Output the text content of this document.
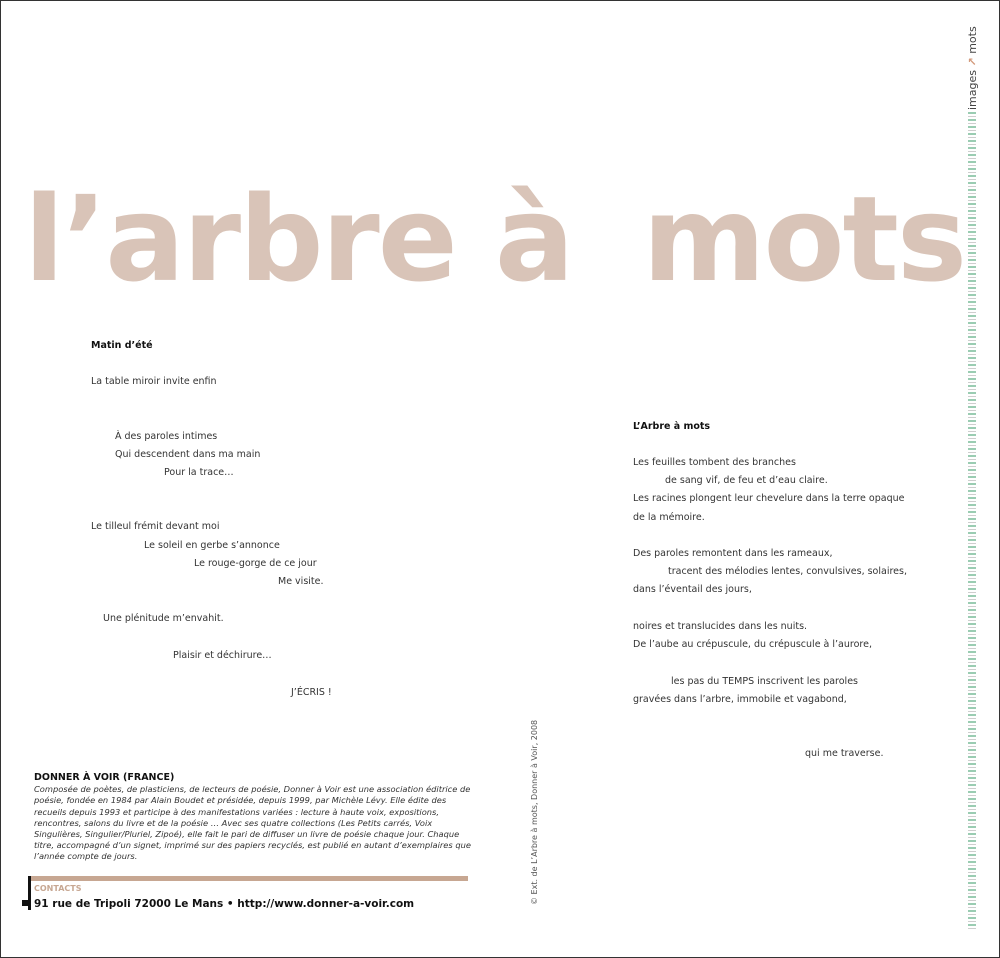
l’arbre à mots
Matin d’été
La table miroir invite enfin
À des paroles intimes
Qui descendent dans ma main
Pour la trace…
Le tilleul frémit devant moi
Le soleil en gerbe s’annonce
Le rouge-gorge de ce jour
Me visite.
Une plénitude m’envahit.
Plaisir et déchirure…
J’ÉCRIS !
L’Arbre à mots
Les feuilles tombent des branches
de sang vif, de feu et d’eau claire.
Les racines plongent leur chevelure dans la terre opaque
de la mémoire.
Des paroles remontent dans les rameaux,
tracent des mélodies lentes, convulsives, solaires,
dans l’éventail des jours,
noires et translucides dans les nuits.
De l’aube au crépuscule, du crépuscule à l’aurore,
les pas du TEMPS inscrivent les paroles
gravées dans l’arbre, immobile et vagabond,
qui me traverse.
© Ext. de L’Arbre à mots, Donner à Voir, 2008
images ↗ mots
DONNER À VOIR (FRANCE)
Composée de poètes, de plasticiens, de lecteurs de poésie, Donner à Voir est une association éditrice de poésie, fondée en 1984 par Alain Boudet et présidée, depuis 1999, par Michèle Lévy. Elle édite des recueils depuis 1993 et participe à des manifestations variées : lecture à haute voix, expositions, rencontres, salons du livre et de la poésie … Avec ses quatre collections (Les Petits carrés, Voix Singulières, Singulier/Pluriel, Zipoé), elle fait le pari de diffuser un livre de poésie chaque jour. Chaque titre, accompagné d’un signet, imprimé sur des papiers recyclés, est publié en autant d’exemplaires que l’année compte de jours.
CONTACTS
91 rue de Tripoli 72000 Le Mans • http://www.donner-a-voir.com
